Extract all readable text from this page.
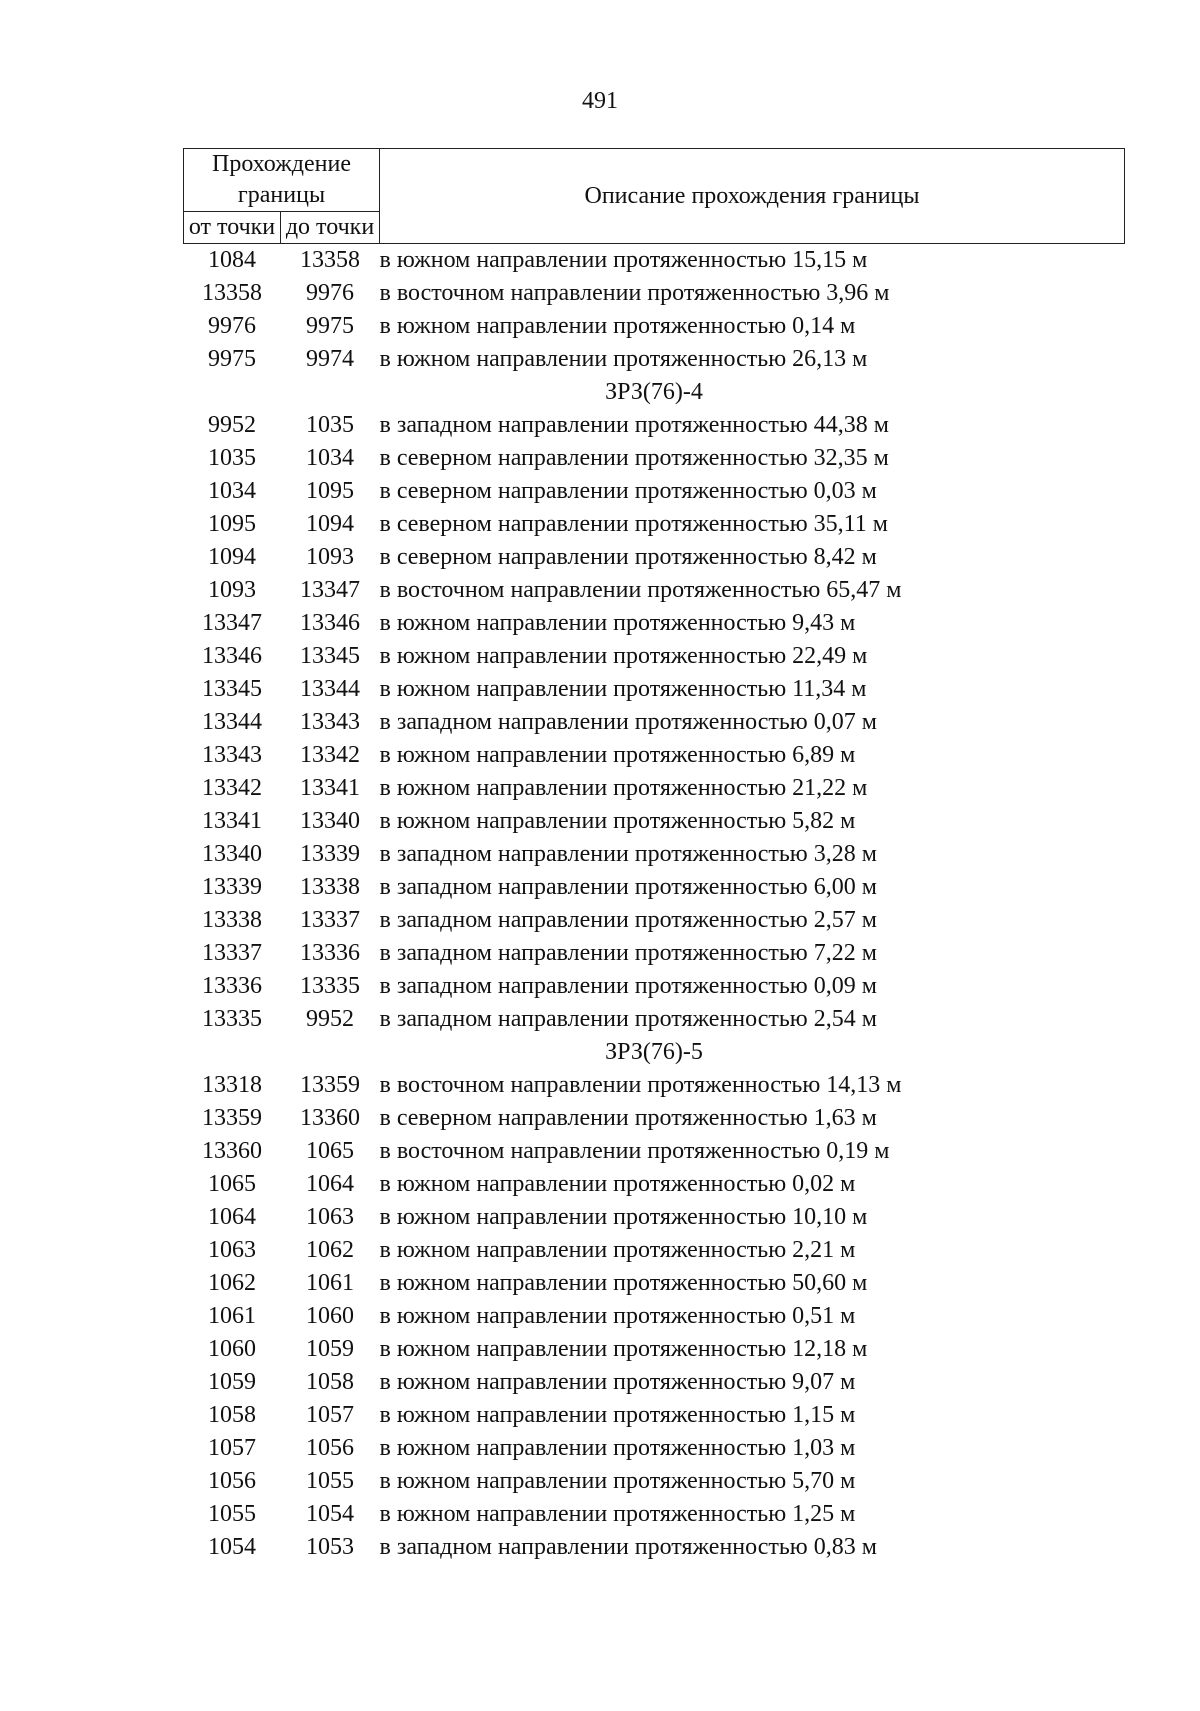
491
Прохождение границы		Описание прохождения границы
от точки	до точки	
1084	13358	в южном направлении протяженностью 15,15 м
13358	9976	в восточном направлении протяженностью 3,96 м
9976	9975	в южном направлении протяженностью 0,14 м
9975	9974	в южном направлении протяженностью 26,13 м
ЗРЗ(76)-4		
9952	1035	в западном направлении протяженностью 44,38 м
1035	1034	в северном направлении протяженностью 32,35 м
1034	1095	в северном направлении протяженностью 0,03 м
1095	1094	в северном направлении протяженностью 35,11 м
1094	1093	в северном направлении протяженностью 8,42 м
1093	13347	в восточном направлении протяженностью 65,47 м
13347	13346	в южном направлении протяженностью 9,43 м
13346	13345	в южном направлении протяженностью 22,49 м
13345	13344	в южном направлении протяженностью 11,34 м
13344	13343	в западном направлении протяженностью 0,07 м
13343	13342	в южном направлении протяженностью 6,89 м
13342	13341	в южном направлении протяженностью 21,22 м
13341	13340	в южном направлении протяженностью 5,82 м
13340	13339	в западном направлении протяженностью 3,28 м
13339	13338	в западном направлении протяженностью 6,00 м
13338	13337	в западном направлении протяженностью 2,57 м
13337	13336	в западном направлении протяженностью 7,22 м
13336	13335	в западном направлении протяженностью 0,09 м
13335	9952	в западном направлении протяженностью 2,54 м
ЗРЗ(76)-5		
13318	13359	в восточном направлении протяженностью 14,13 м
13359	13360	в северном направлении протяженностью 1,63 м
13360	1065	в восточном направлении протяженностью 0,19 м
1065	1064	в южном направлении протяженностью 0,02 м
1064	1063	в южном направлении протяженностью 10,10 м
1063	1062	в южном направлении протяженностью 2,21 м
1062	1061	в южном направлении протяженностью 50,60 м
1061	1060	в южном направлении протяженностью 0,51 м
1060	1059	в южном направлении протяженностью 12,18 м
1059	1058	в южном направлении протяженностью 9,07 м
1058	1057	в южном направлении протяженностью 1,15 м
1057	1056	в южном направлении протяженностью 1,03 м
1056	1055	в южном направлении протяженностью 5,70 м
1055	1054	в южном направлении протяженностью 1,25 м
1054	1053	в западном направлении протяженностью 0,83 м
